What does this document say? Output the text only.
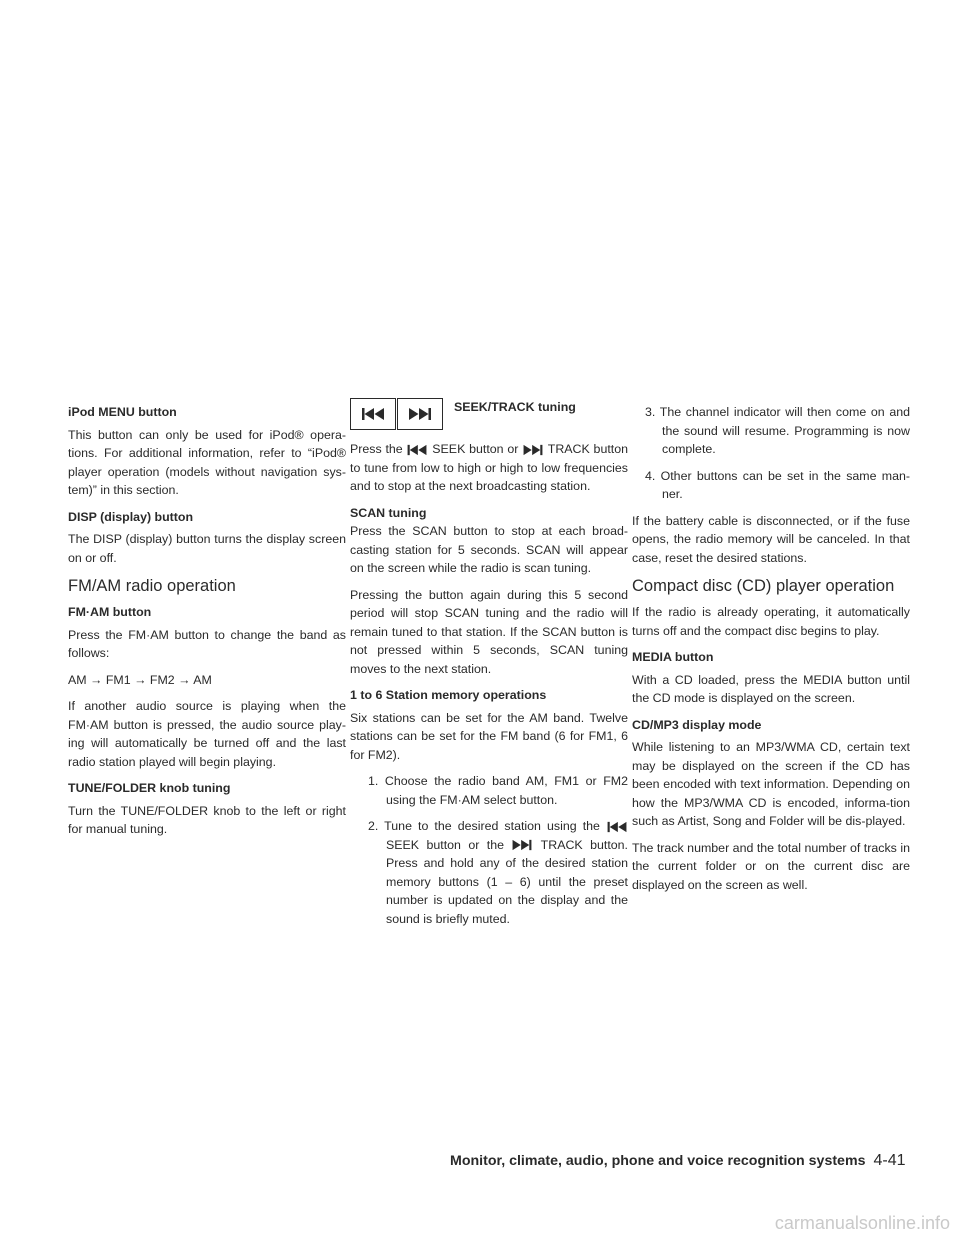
iPod MENU button
This button can only be used for iPod® opera-tions. For additional information, refer to “iPod® player operation (models without navigation sys-tem)” in this section.
DISP (display) button
The DISP (display) button turns the display screen on or off.
FM/AM radio operation
FM·AM button
Press the FM·AM button to change the band as follows:
AM → FM1 → FM2 → AM
If another audio source is playing when the FM·AM button is pressed, the audio source play-ing will automatically be turned off and the last radio station played will begin playing.
TUNE/FOLDER knob tuning
Turn the TUNE/FOLDER knob to the left or right for manual tuning.
SEEK/TRACK tuning
Press the SEEK button or TRACK button to tune from low to high or high to low frequencies and to stop at the next broadcasting station.
SCAN tuning
Press the SCAN button to stop at each broad-casting station for 5 seconds. SCAN will appear on the screen while the radio is scan tuning.
Pressing the button again during this 5 second period will stop SCAN tuning and the radio will remain tuned to that station. If the SCAN button is not pressed within 5 seconds, SCAN tuning moves to the next station.
1 to 6 Station memory operations
Six stations can be set for the AM band. Twelve stations can be set for the FM band (6 for FM1, 6 for FM2).
1. Choose the radio band AM, FM1 or FM2 using the FM·AM select button.
2. Tune to the desired station using the  SEEK button or the	TRACK button. Press and hold any of the desired station memory buttons (1 – 6) until the preset number is updated on the display and the sound is briefly muted.
3. The channel indicator will then come on and the sound will resume. Programming is now complete.
4. Other buttons can be set in the same man-ner.
If the battery cable is disconnected, or if the fuse opens, the radio memory will be canceled. In that case, reset the desired stations.
Compact disc (CD) player operation
If the radio is already operating, it automatically turns off and the compact disc begins to play.
MEDIA button
With a CD loaded, press the MEDIA button until the CD mode is displayed on the screen.
CD/MP3 display mode
While listening to an MP3/WMA CD, certain text may be displayed on the screen if the CD has been encoded with text information. Depending on how the MP3/WMA CD is encoded, informa-tion such as Artist, Song and Folder will be dis-played.
The track number and the total number of tracks in the current folder or on the current disc are displayed on the screen as well.
Monitor, climate, audio, phone and voice recognition systems 4-41
carmanualsonline.info
